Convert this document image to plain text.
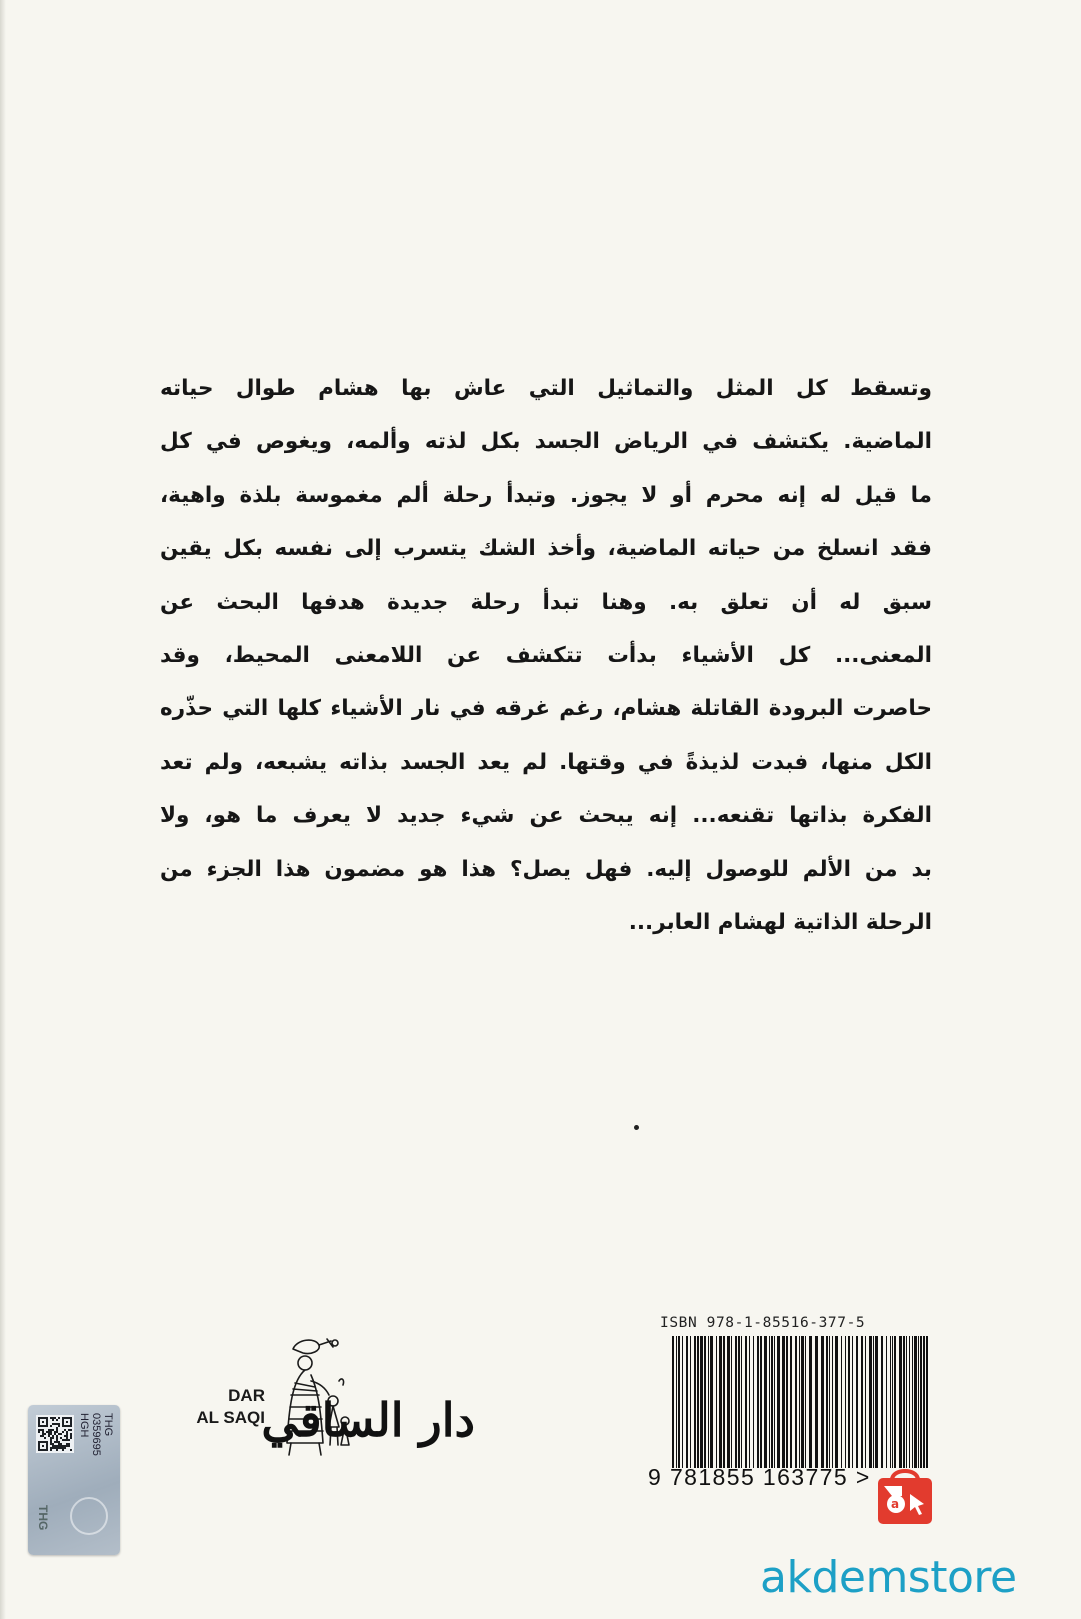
وتسقط كل المثل والتماثيل التي عاش بها هشام طوال حياته

الماضية. يكتشف في الرياض الجسد بكل لذته وألمه، ويغوص في كل

ما قيل له إنه محرم أو لا يجوز. وتبدأ رحلة ألم مغموسة بلذة واهية،

فقد انسلخ من حياته الماضية، وأخذ الشك يتسرب إلى نفسه بكل يقين

سبق له أن تعلق به. وهنا تبدأ رحلة جديدة هدفها البحث عن

المعنى... كل الأشياء بدأت تتكشف عن اللامعنى المحيط، وقد

حاصرت البرودة القاتلة هشام، رغم غرقه في نار الأشياء كلها التي حذّره

الكل منها، فبدت لذيذةً في وقتها. لم يعد الجسد بذاته يشبعه، ولم تعد

الفكرة بذاتها تقنعه... إنه يبحث عن شيء جديد لا يعرف ما هو، ولا

بد من الألم للوصول إليه. فهل يصل؟ هذا هو مضمون هذا الجزء من

الرحلة الذاتية لهشام العابر...

ISBN 978-1-85516-377-5
9 781855 163775 >
DAR
AL SAQI
دار الساقي
THG
0359695
HGH
THG
a
akdemstore
